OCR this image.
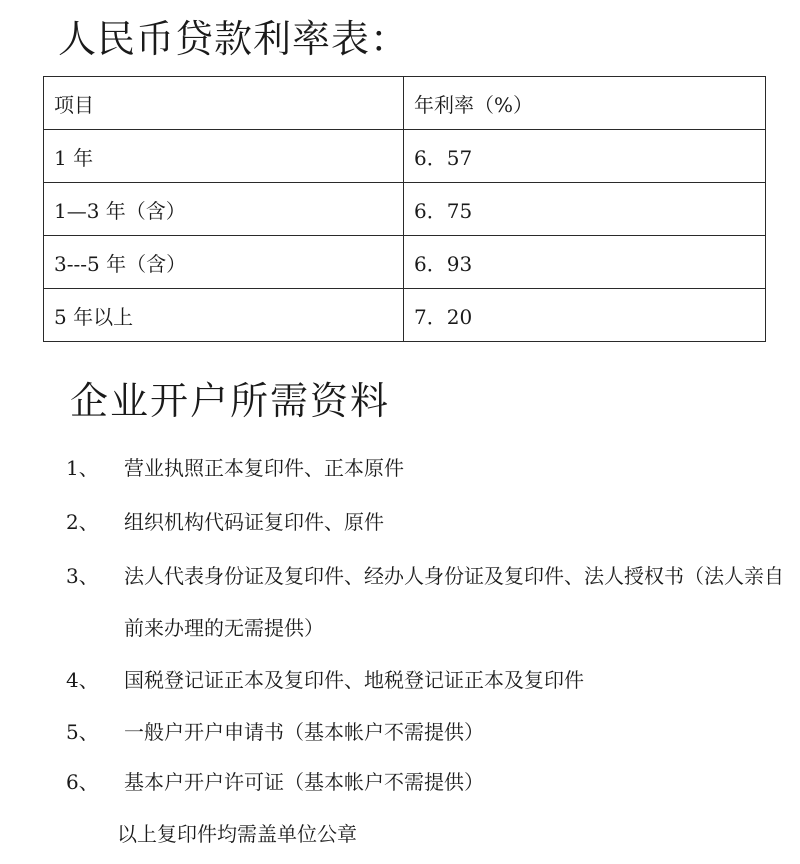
人民币贷款利率表：
项目	年利率（%）
1 年	6．57
1—3 年（含）	6．75
3---5 年（含）	6．93
5 年以上	7．20
企业开户所需资料
1、 营业执照正本复印件、正本原件
2、 组织机构代码证复印件、原件
3、 法人代表身份证及复印件、经办人身份证及复印件、法人授权书（法人亲自前来办理的无需提供）
4、 国税登记证正本及复印件、地税登记证正本及复印件
5、 一般户开户申请书（基本帐户不需提供）
6、 基本户开户许可证（基本帐户不需提供）
以上复印件均需盖单位公章
